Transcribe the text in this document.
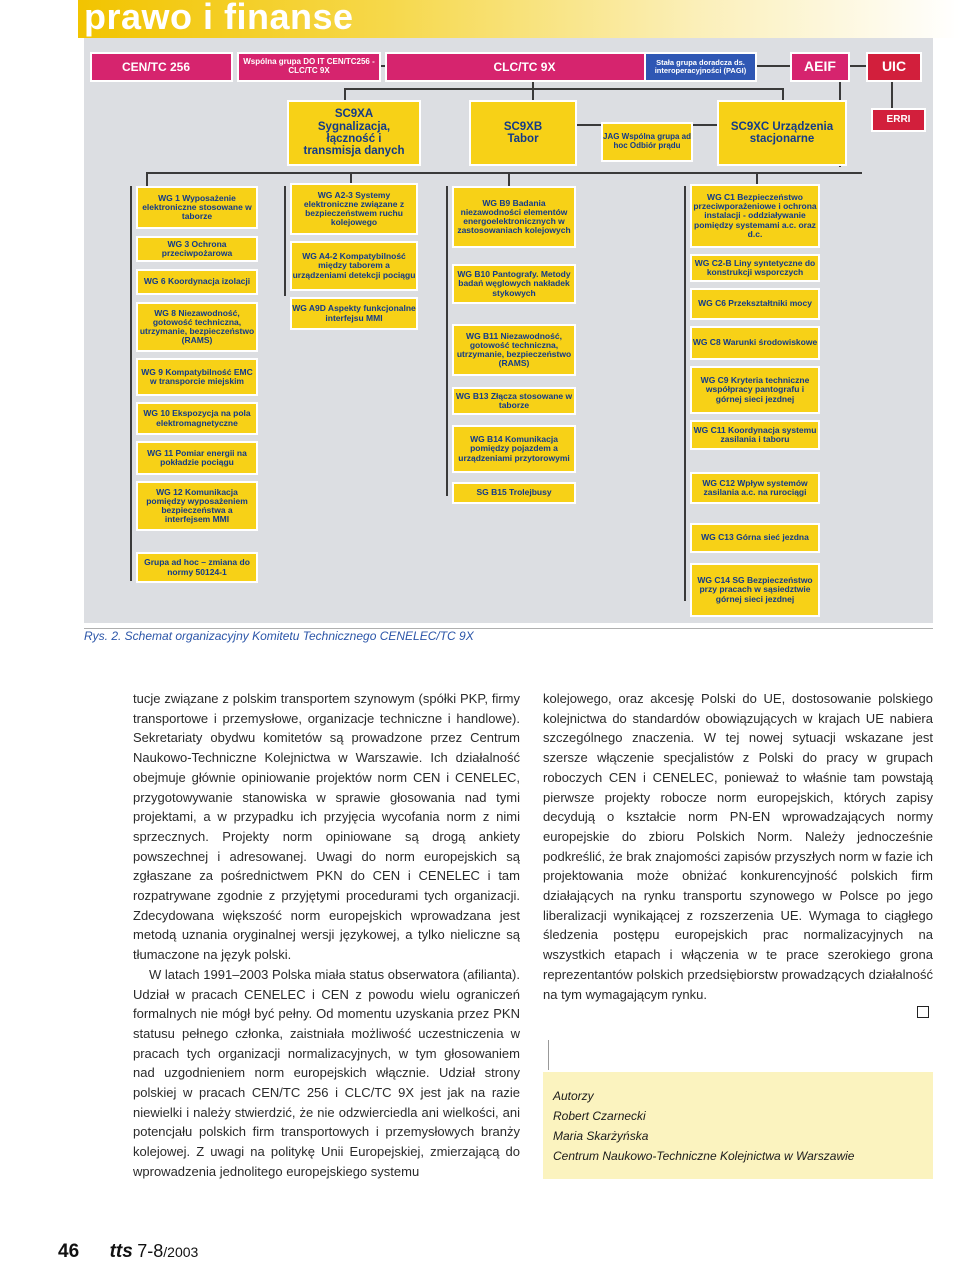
prawo i finanse
CEN/TC 256	Wspólna grupa DO IT CEN/TC256 - CLC/TC 9X	CLC/TC 9X	Stała grupa doradcza ds. interoperacyjności (PAGI)	AEIF	UIC
ERRI
SC9XA Sygnalizacja, łączność i transmisja danych
SC9XB Tabor	JAG Wspólna grupa ad hoc Odbiór prądu
SC9XC Urządzenia stacjonarne
WG 1 Wyposażenie elektroniczne stosowane w taborze
WG 3 Ochrona przeciwpożarowa
WG 6 Koordynacja izolacji
WG 8 Niezawodność, gotowość techniczna, utrzymanie, bezpieczeństwo (RAMS)
WG 9 Kompatybilność EMC w transporcie miejskim
WG 10 Ekspozycja na pola elektromagnetyczne
WG 11 Pomiar energii na pokładzie pociągu
WG 12 Komunikacja pomiędzy wyposażeniem bezpieczeństwa a interfejsem MMI
Grupa ad hoc – zmiana do normy 50124-1
WG A2-3 Systemy elektroniczne związane z bezpieczeństwem ruchu kolejowego
WG A4-2 Kompatybilność między taborem a urządzeniami detekcji pociągu
WG A9D Aspekty funkcjonalne interfejsu MMI
WG B9 Badania niezawodności elementów energoelektronicznych w zastosowaniach kolejowych
WG B10 Pantografy. Metody badań węglowych nakładek stykowych
WG B11 Niezawodność, gotowość techniczna, utrzymanie, bezpieczeństwo (RAMS)
WG B13 Złącza stosowane w taborze
WG B14 Komunikacja pomiędzy pojazdem a urządzeniami przytorowymi
SG B15 Trolejbusy
WG C1 Bezpieczeństwo przeciwporażeniowe i ochrona instalacji - oddziaływanie pomiędzy systemami a.c. oraz d.c.
WG C2-B Liny syntetyczne do konstrukcji wsporczych
WG C6 Przekształtniki mocy
WG C8 Warunki środowiskowe
WG C9 Kryteria techniczne współpracy pantografu i górnej sieci jezdnej
WG C11 Koordynacja systemu zasilania i taboru
WG C12 Wpływ systemów zasilania a.c. na rurociągi
WG C13 Górna sieć jezdna
WG C14 SG Bezpieczeństwo przy pracach w sąsiedztwie górnej sieci jezdnej
Rys. 2. Schemat organizacyjny Komitetu Technicznego CENELEC/TC 9X

tucje związane z polskim transportem szynowym (spółki PKP, firmy transportowe i przemysłowe, organizacje techniczne i handlowe). Sekretariaty obydwu komitetów są prowadzone przez Centrum Naukowo-Techniczne Kolejnictwa w Warszawie. Ich działalność obejmuje głównie opiniowanie projektów norm CEN i CENELEC, przygotowywanie stanowiska w sprawie głosowania nad tymi projektami, a w przypadku ich przyjęcia wycofania norm z nimi sprzecznych. Projekty norm opiniowane są drogą ankiety powszechnej i adresowanej. Uwagi do norm europejskich są zgłaszane za pośrednictwem PKN do CEN i CENELEC i tam rozpatrywane zgodnie z przyjętymi procedurami tych organizacji. Zdecydowana większość norm europejskich wprowadzana jest metodą uznania oryginalnej wersji językowej, a tylko nieliczne są tłumaczone na język polski.

W latach 1991–2003 Polska miała status obserwatora (afilianta). Udział w pracach CENELEC i CEN z powodu wielu ograniczeń formalnych nie mógł być pełny. Od momentu uzyskania przez PKN statusu pełnego członka, zaistniała możliwość uczestniczenia w pracach tych organizacji normalizacyjnych, w tym głosowaniem nad uzgodnieniem norm europejskich włącznie. Udział strony polskiej w pracach CEN/TC 256 i CLC/TC 9X jest jak na razie niewielki i należy stwierdzić, że nie odzwierciedla ani wielkości, ani potencjału polskich firm transportowych i przemysłowych branży kolejowej. Z uwagi na politykę Unii Europejskiej, zmierzającą do wprowadzenia jednolitego europejskiego systemu

kolejowego, oraz akcesję Polski do UE, dostosowanie polskiego kolejnictwa do standardów obowiązujących w krajach UE nabiera szczególnego znaczenia. W tej nowej sytuacji wskazane jest szersze włączenie specjalistów z Polski do pracy w grupach roboczych CEN i CENELEC, ponieważ to właśnie tam powstają pierwsze projekty robocze norm europejskich, których zapisy decydują o kształcie norm PN-EN wprowadzających normy europejskie do zbioru Polskich Norm. Należy jednocześnie podkreślić, że brak znajomości zapisów przyszłych norm w fazie ich projektowania może obniżać konkurencyjność polskich firm działających na rynku transportu szynowego w Polsce po jego liberalizacji wynikającej z rozszerzenia UE. Wymaga to ciągłego śledzenia postępu europejskich prac normalizacyjnych na wszystkich etapach i włączenia w te prace szerokiego grona reprezentantów polskich przedsiębiorstw prowadzących działalność na tym wymagającym rynku.

Autorzy
Robert Czarnecki
Maria Skarżyńska
Centrum Naukowo-Techniczne Kolejnictwa w Warszawie
46 tts 7-8/2003
